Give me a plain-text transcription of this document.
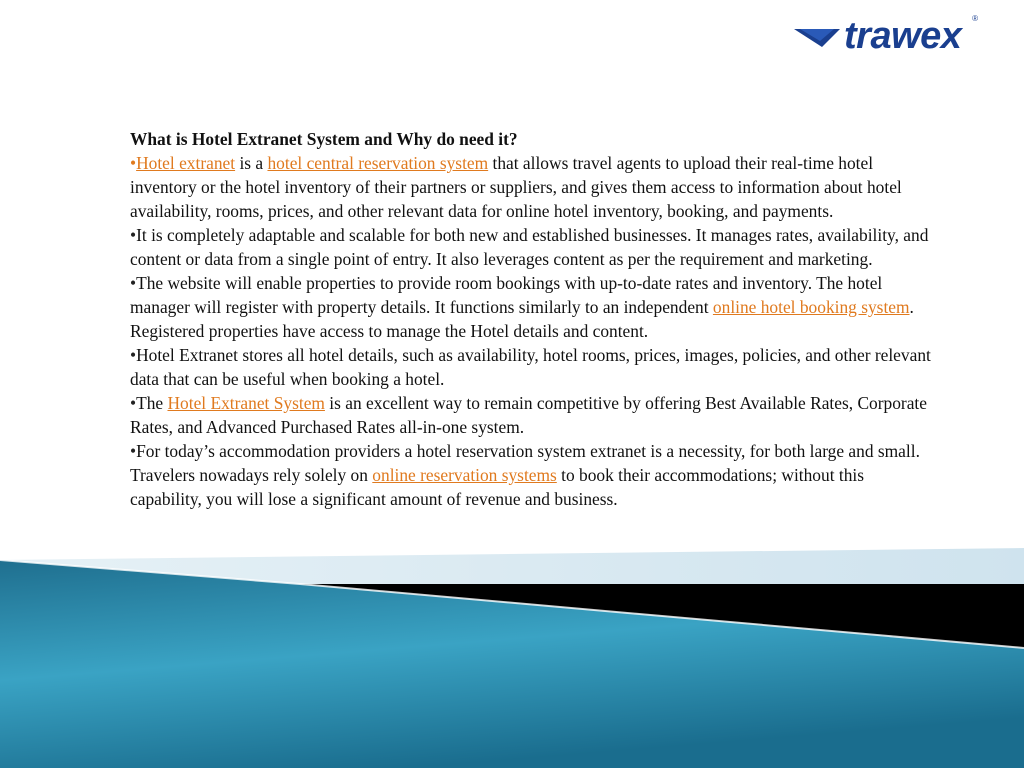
trawex ®

What is Hotel Extranet System and Why do need it?

•Hotel extranet is a hotel central reservation system that allows travel agents to upload their real-time hotel inventory or the hotel inventory of their partners or suppliers, and gives them access to information about hotel availability, rooms, prices, and other relevant data for online hotel inventory, booking, and payments.

•It is completely adaptable and scalable for both new and established businesses. It manages rates, availability, and content or data from a single point of entry. It also leverages content as per the requirement and marketing.

•The website will enable properties to provide room bookings with up-to-date rates and inventory. The hotel manager will register with property details. It functions similarly to an independent online hotel booking system. Registered properties have access to manage the Hotel details and content.

•Hotel Extranet stores all hotel details, such as availability, hotel rooms, prices, images, policies, and other relevant data that can be useful when booking a hotel.

•The Hotel Extranet System is an excellent way to remain competitive by offering Best Available Rates, Corporate Rates, and Advanced Purchased Rates all-in-one system.

•For today’s accommodation providers a hotel reservation system extranet is a necessity, for both large and small. Travelers nowadays rely solely on online reservation systems to book their accommodations; without this capability, you will lose a significant amount of revenue and business.
